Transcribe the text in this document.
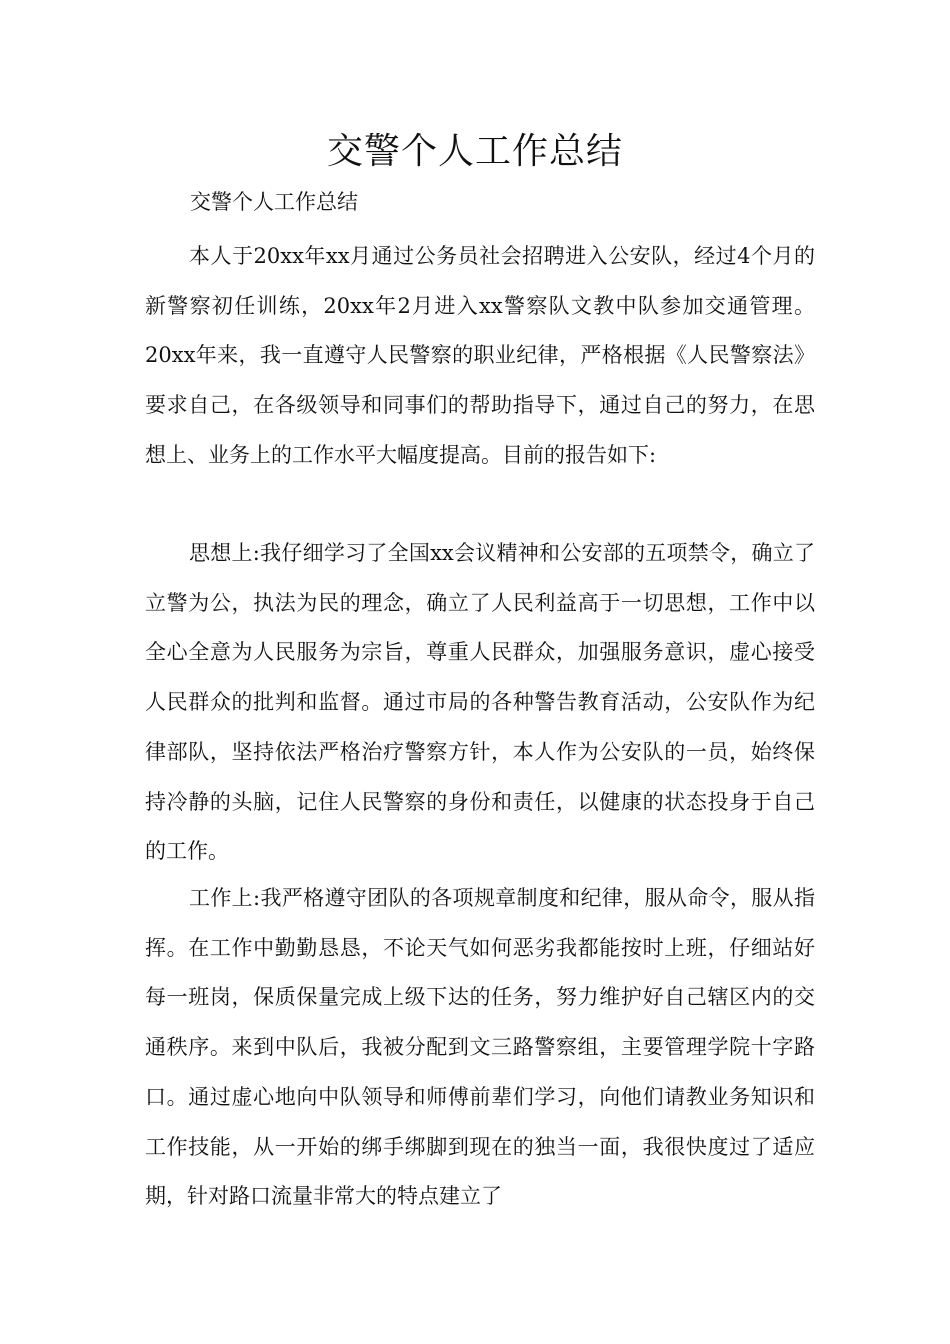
交警个人工作总结

交警个人工作总结

本人于20xx年xx月通过公务员社会招聘进入公安队，经过4个月的新警察初任训练，20xx年2月进入xx警察队文教中队参加交通管理。20xx年来，我一直遵守人民警察的职业纪律，严格根据《人民警察法》要求自己，在各级领导和同事们的帮助指导下，通过自己的努力，在思想上、业务上的工作水平大幅度提高。目前的报告如下:

思想上:我仔细学习了全国xx会议精神和公安部的五项禁令，确立了立警为公，执法为民的理念，确立了人民利益高于一切思想，工作中以全心全意为人民服务为宗旨，尊重人民群众，加强服务意识，虚心接受人民群众的批判和监督。通过市局的各种警告教育活动，公安队作为纪律部队，坚持依法严格治疗警察方针，本人作为公安队的一员，始终保持冷静的头脑，记住人民警察的身份和责任，以健康的状态投身于自己的工作。

工作上:我严格遵守团队的各项规章制度和纪律，服从命令，服从指挥。在工作中勤勤恳恳，不论天气如何恶劣我都能按时上班，仔细站好每一班岗，保质保量完成上级下达的任务，努力维护好自己辖区内的交通秩序。来到中队后，我被分配到文三路警察组，主要管理学院十字路口。通过虚心地向中队领导和师傅前辈们学习，向他们请教业务知识和工作技能，从一开始的绑手绑脚到现在的独当一面，我很快度过了适应期，针对路口流量非常大的特点建立了
